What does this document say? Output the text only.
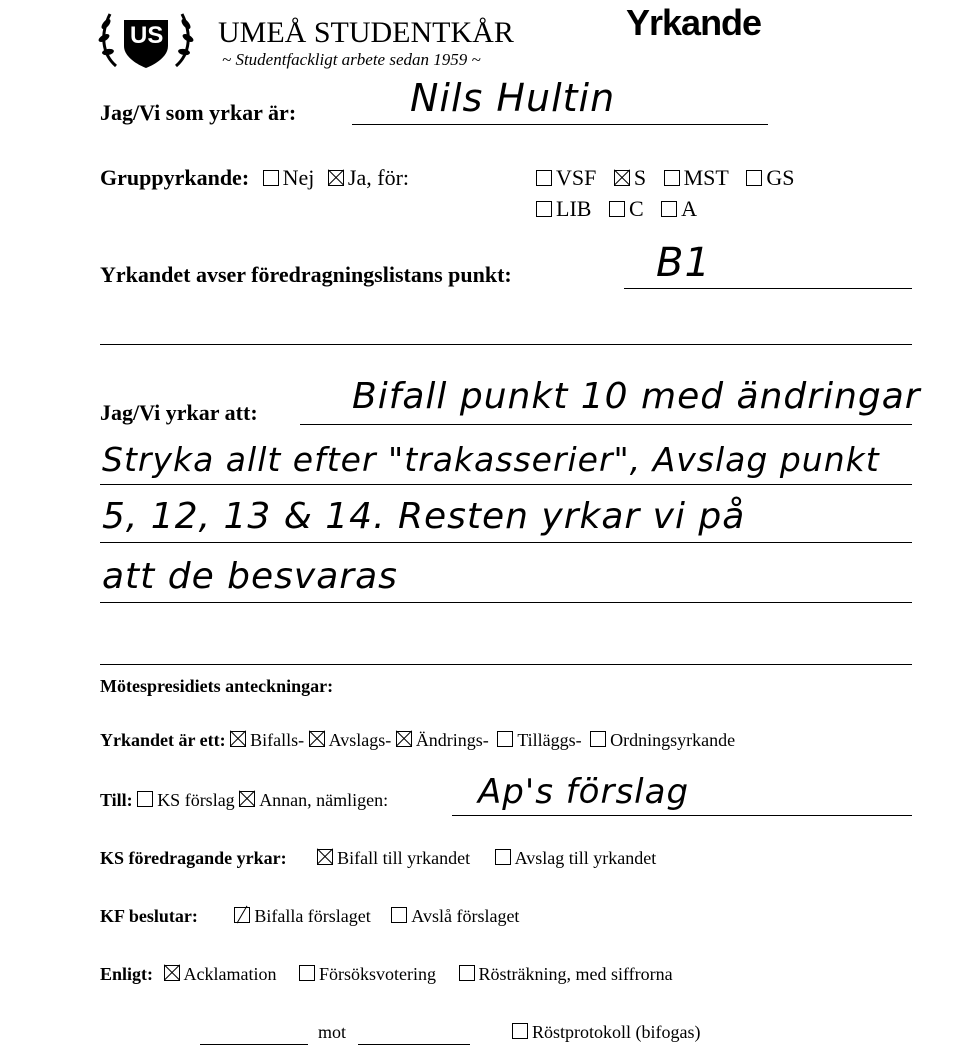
US UMEÅ STUDENTKÅR
~ Studentfackligt arbete sedan 1959 ~
Yrkande
Jag/Vi som yrkar är:	Nils Hultin
Gruppyrkande: Nej Ja, för:	VSF S MST GS
LIB C A
Yrkandet avser föredragningslistans punkt:	B1
Jag/Vi yrkar att:	Bifall punkt 10 med ändringar
Stryka allt efter "trakasserier", Avslag punkt
5, 12, 13 & 14. Resten yrkar vi på
att de besvaras
Mötespresidiets anteckningar:
Yrkandet är ett: Bifalls- Avslags- Ändrings- Tilläggs- Ordningsyrkande
Till: KS förslag Annan, nämligen:	Ap's förslag
KS föredragande yrkar:	Bifall till yrkandet Avslag till yrkandet
KF beslutar:	Bifalla förslaget Avslå förslaget
Enligt: Acklamation Försöksvotering Rösträkning, med siffrorna
mot	Röstprotokoll (bifogas)
